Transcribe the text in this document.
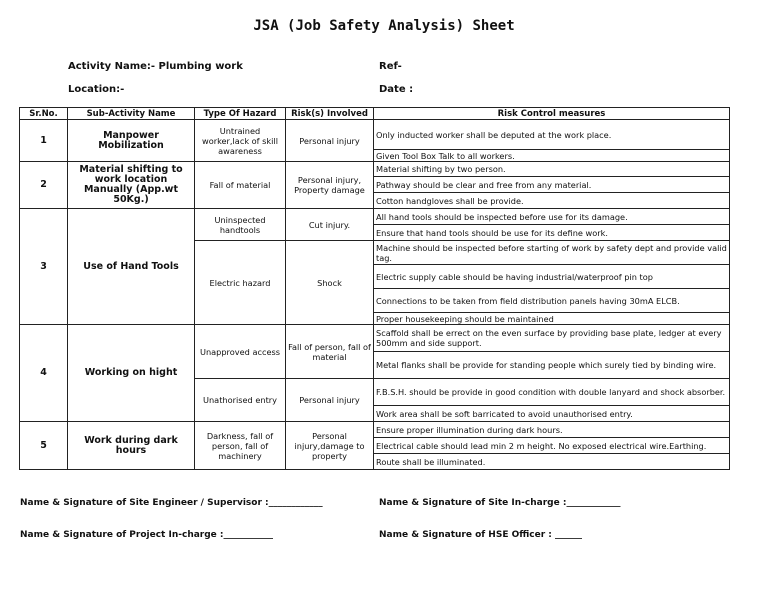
JSA (Job Safety Analysis) Sheet
Activity Name:- Plumbing work
Location:-
Ref-
Date :
Sr.No.	Sub-Activity Name	Type Of Hazard	Risk(s) Involved	Risk Control measures
1	Manpower Mobilization	Untrained worker,lack of skill awareness	Personal injury	Only inducted worker shall be deputed at the work place.
				Given Tool Box Talk to all workers.
2	Material shifting to work location Manually (App.wt 50Kg.)	Fall of material	Personal injury, Property damage	Material shifting by two person.
				Pathway should be clear and free from any material.
				Cotton handgloves shall be provide.
3	Use of Hand Tools	Uninspected handtools	Cut injury.	All hand tools should be inspected before use for its damage.
				Ensure that hand tools should be use for its define work.
		Electric hazard	Shock	Machine should be inspected before starting of work by safety dept and provide valid tag.
				Electric supply cable should be having industrial/waterproof pin top
				Connections to be taken from field distribution panels having 30mA ELCB.
				Proper housekeeping should be maintained
4	Working on hight	Unapproved access	Fall of person, fall of material	Scaffold shall be errect on the even surface by providing base plate, ledger at every 500mm and side support.
				Metal flanks shall be provide for standing people which surely tied by binding wire.
		Unathorised entry	Personal injury	F.B.S.H. should be provide in good condition with double lanyard and shock absorber.
				Work area shall be soft barricated to avoid unauthorised entry.
5	Work during dark hours	Darkness, fall of person, fall of machinery	Personal injury,damage to property	Ensure proper illumination during dark hours.
				Electrical cable should lead min 2 m height. No exposed electrical wire.Earthing.
				Route shall be illuminated.
Name & Signature of Site Engineer / Supervisor :____________	Name & Signature of Site In-charge :____________
Name & Signature of Project In-charge :___________	Name & Signature of HSE Officer : ______
